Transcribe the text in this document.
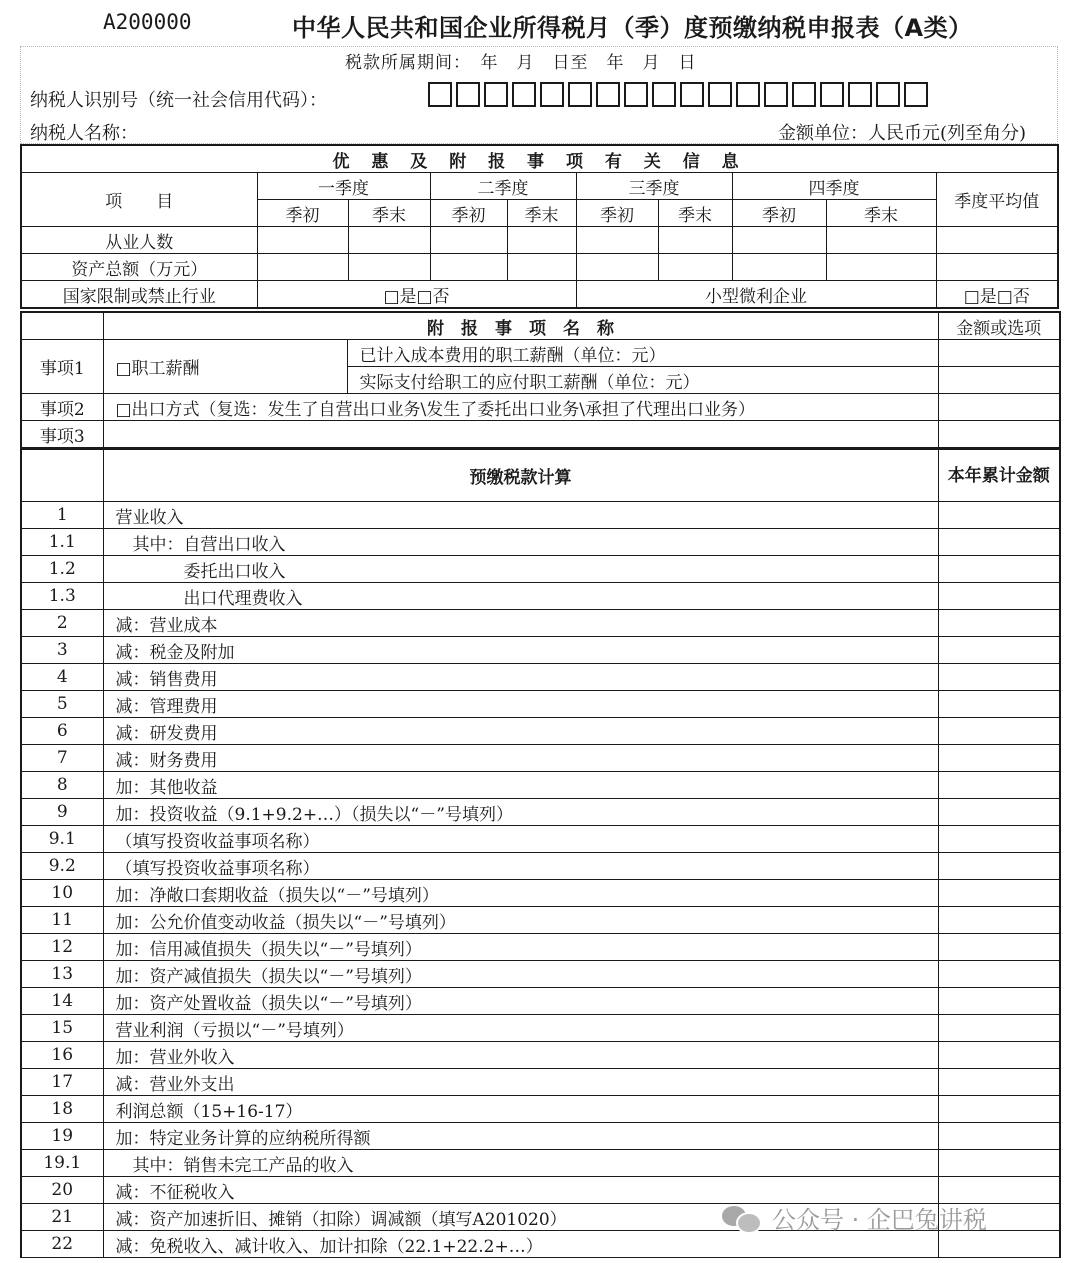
A200000	中华人民共和国企业所得税月（季）度预缴纳税申报表（A类）
税款所属期间：　年　月　日至　年　月　日
纳税人识别号（统一社会信用代码）：
纳税人名称：	金额单位：人民币元(列至角分)
优 惠 及 附 报 事 项 有 关 信 息									
项　　目	一季度		二季度		三季度		四季度		季度平均值
	季初	季末	季初	季末	季初	季末	季初	季末	
从业人数									
资产总额（万元）									
国家限制或禁止行业	□是□否				小型微利企业				□是□否
	附　报　事　项　名　称		金额或选项
事项1	□职工薪酬	已计入成本费用的职工薪酬（单位：元）	
		实际支付给职工的应付职工薪酬（单位：元）	
事项2	□出口方式（复选：发生了自营出口业务\发生了委托出口业务\承担了代理出口业务）		
事项3			
	预缴税款计算	本年累计金额
1	营业收入	
1.1	　其中：自营出口收入	
1.2	　　　　委托出口收入	
1.3	　　　　出口代理费收入	
2	减：营业成本	
3	减：税金及附加	
4	减：销售费用	
5	减：管理费用	
6	减：研发费用	
7	减：财务费用	
8	加：其他收益	
9	加：投资收益（9.1+9.2+…）（损失以“－”号填列）	
9.1	（填写投资收益事项名称）	
9.2	（填写投资收益事项名称）	
10	加：净敞口套期收益（损失以“－”号填列）	
11	加：公允价值变动收益（损失以“－”号填列）	
12	加：信用减值损失（损失以“－”号填列）	
13	加：资产减值损失（损失以“－”号填列）	
14	加：资产处置收益（损失以“－”号填列）	
15	营业利润（亏损以“－”号填列）	
16	加：营业外收入	
17	减：营业外支出	
18	利润总额（15+16-17）	
19	加：特定业务计算的应纳税所得额	
19.1	　其中：销售未完工产品的收入	
20	减：不征税收入	
21	减：资产加速折旧、摊销（扣除）调减额（填写A201020）	
22	减：免税收入、减计收入、加计扣除（22.1+22.2+…）	
公众号 · 企巴兔讲税
